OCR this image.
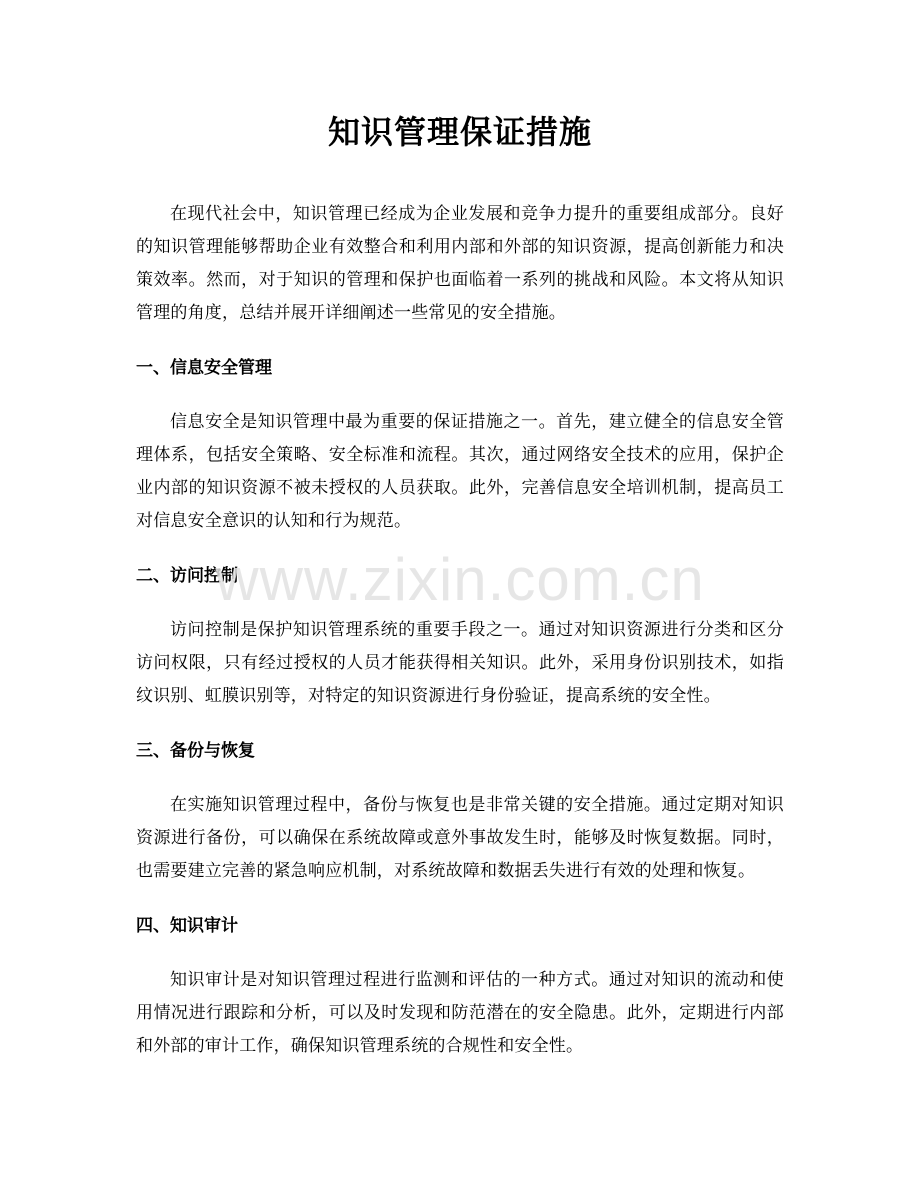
知识管理保证措施

在现代社会中，知识管理已经成为企业发展和竞争力提升的重要组成部分。良好的知识管理能够帮助企业有效整合和利用内部和外部的知识资源，提高创新能力和决策效率。然而，对于知识的管理和保护也面临着一系列的挑战和风险。本文将从知识管理的角度，总结并展开详细阐述一些常见的安全措施。

一、信息安全管理

信息安全是知识管理中最为重要的保证措施之一。首先，建立健全的信息安全管理体系，包括安全策略、安全标准和流程。其次，通过网络安全技术的应用，保护企业内部的知识资源不被未授权的人员获取。此外，完善信息安全培训机制，提高员工对信息安全意识的认知和行为规范。

二、访问控制

访问控制是保护知识管理系统的重要手段之一。通过对知识资源进行分类和区分访问权限，只有经过授权的人员才能获得相关知识。此外，采用身份识别技术，如指纹识别、虹膜识别等，对特定的知识资源进行身份验证，提高系统的安全性。

三、备份与恢复

在实施知识管理过程中，备份与恢复也是非常关键的安全措施。通过定期对知识资源进行备份，可以确保在系统故障或意外事故发生时，能够及时恢复数据。同时，也需要建立完善的紧急响应机制，对系统故障和数据丢失进行有效的处理和恢复。

四、知识审计

知识审计是对知识管理过程进行监测和评估的一种方式。通过对知识的流动和使用情况进行跟踪和分析，可以及时发现和防范潜在的安全隐患。此外，定期进行内部和外部的审计工作，确保知识管理系统的合规性和安全性。

www.zixin.com.cn
